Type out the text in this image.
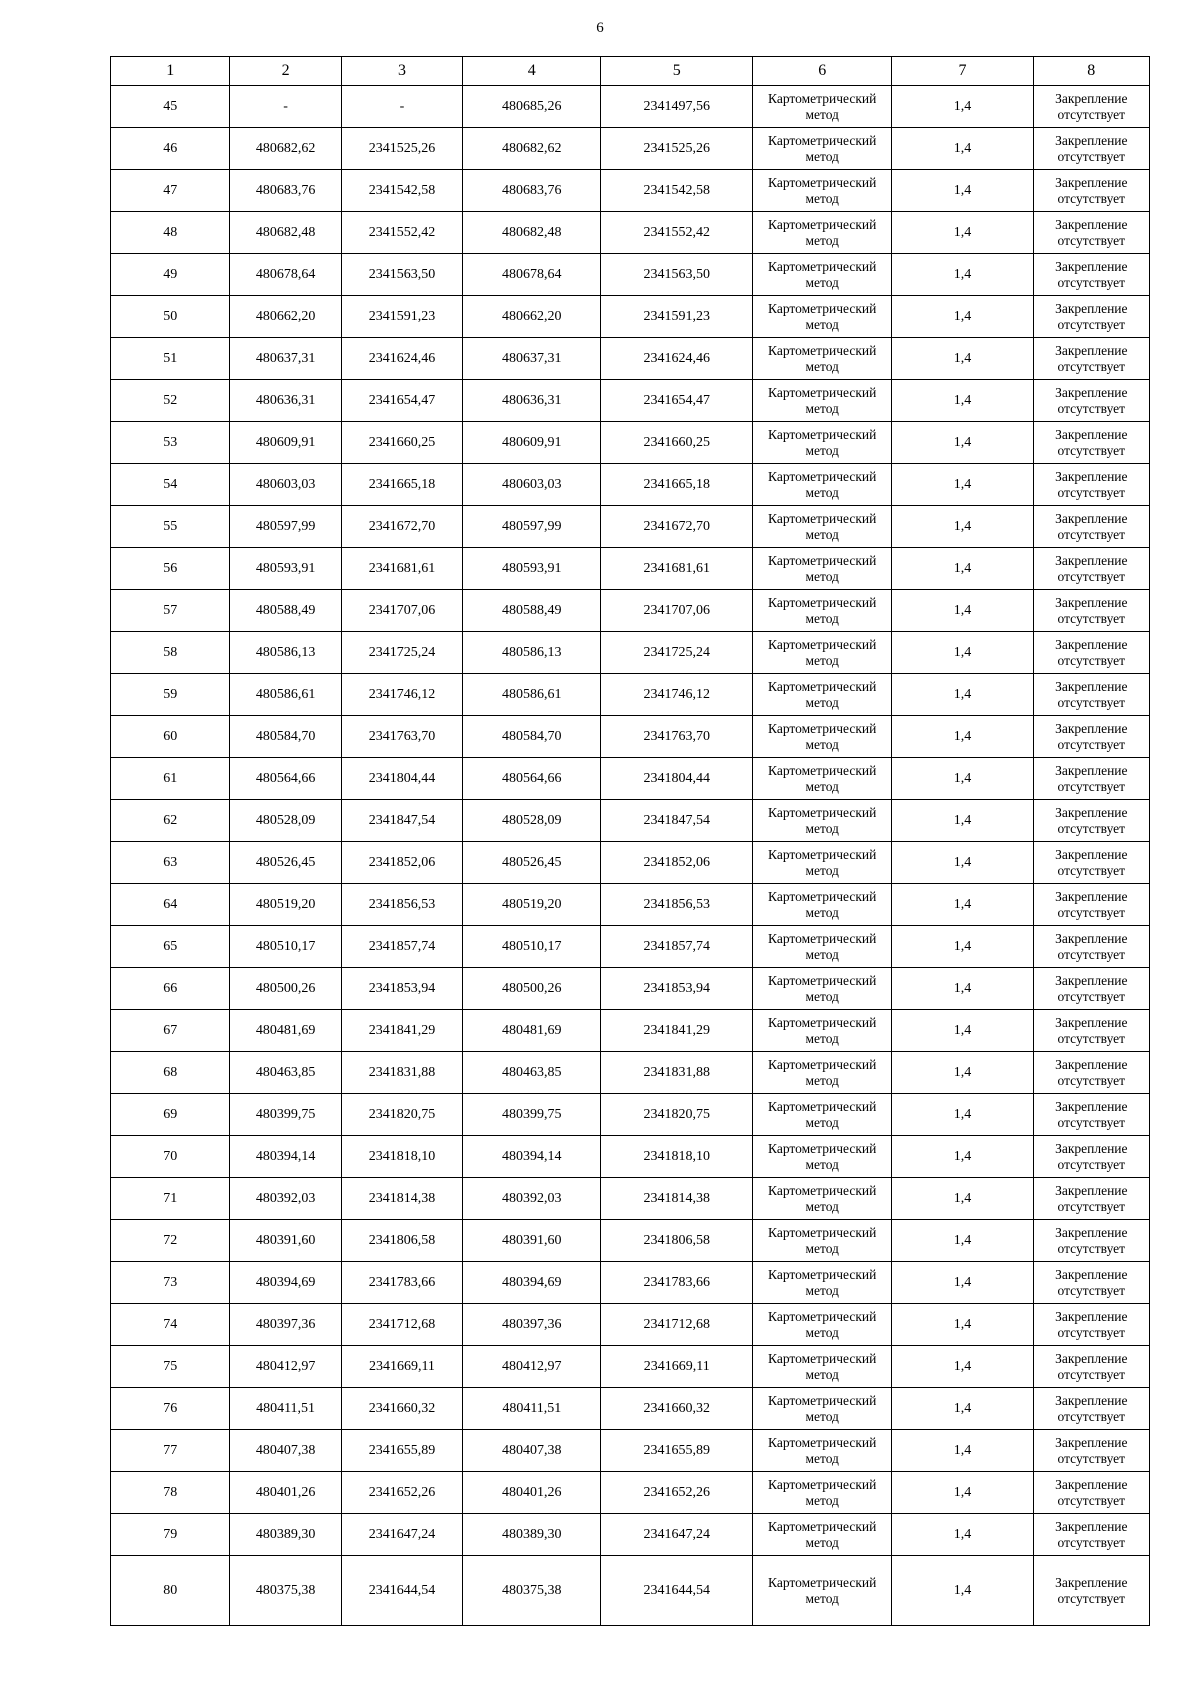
6
1	2	3	4	5	6	7	8
45	-	-	480685,26	2341497,56	Картометрический метод	1,4	Закрепление отсутствует
46	480682,62	2341525,26	480682,62	2341525,26	Картометрический метод	1,4	Закрепление отсутствует
47	480683,76	2341542,58	480683,76	2341542,58	Картометрический метод	1,4	Закрепление отсутствует
48	480682,48	2341552,42	480682,48	2341552,42	Картометрический метод	1,4	Закрепление отсутствует
49	480678,64	2341563,50	480678,64	2341563,50	Картометрический метод	1,4	Закрепление отсутствует
50	480662,20	2341591,23	480662,20	2341591,23	Картометрический метод	1,4	Закрепление отсутствует
51	480637,31	2341624,46	480637,31	2341624,46	Картометрический метод	1,4	Закрепление отсутствует
52	480636,31	2341654,47	480636,31	2341654,47	Картометрический метод	1,4	Закрепление отсутствует
53	480609,91	2341660,25	480609,91	2341660,25	Картометрический метод	1,4	Закрепление отсутствует
54	480603,03	2341665,18	480603,03	2341665,18	Картометрический метод	1,4	Закрепление отсутствует
55	480597,99	2341672,70	480597,99	2341672,70	Картометрический метод	1,4	Закрепление отсутствует
56	480593,91	2341681,61	480593,91	2341681,61	Картометрический метод	1,4	Закрепление отсутствует
57	480588,49	2341707,06	480588,49	2341707,06	Картометрический метод	1,4	Закрепление отсутствует
58	480586,13	2341725,24	480586,13	2341725,24	Картометрический метод	1,4	Закрепление отсутствует
59	480586,61	2341746,12	480586,61	2341746,12	Картометрический метод	1,4	Закрепление отсутствует
60	480584,70	2341763,70	480584,70	2341763,70	Картометрический метод	1,4	Закрепление отсутствует
61	480564,66	2341804,44	480564,66	2341804,44	Картометрический метод	1,4	Закрепление отсутствует
62	480528,09	2341847,54	480528,09	2341847,54	Картометрический метод	1,4	Закрепление отсутствует
63	480526,45	2341852,06	480526,45	2341852,06	Картометрический метод	1,4	Закрепление отсутствует
64	480519,20	2341856,53	480519,20	2341856,53	Картометрический метод	1,4	Закрепление отсутствует
65	480510,17	2341857,74	480510,17	2341857,74	Картометрический метод	1,4	Закрепление отсутствует
66	480500,26	2341853,94	480500,26	2341853,94	Картометрический метод	1,4	Закрепление отсутствует
67	480481,69	2341841,29	480481,69	2341841,29	Картометрический метод	1,4	Закрепление отсутствует
68	480463,85	2341831,88	480463,85	2341831,88	Картометрический метод	1,4	Закрепление отсутствует
69	480399,75	2341820,75	480399,75	2341820,75	Картометрический метод	1,4	Закрепление отсутствует
70	480394,14	2341818,10	480394,14	2341818,10	Картометрический метод	1,4	Закрепление отсутствует
71	480392,03	2341814,38	480392,03	2341814,38	Картометрический метод	1,4	Закрепление отсутствует
72	480391,60	2341806,58	480391,60	2341806,58	Картометрический метод	1,4	Закрепление отсутствует
73	480394,69	2341783,66	480394,69	2341783,66	Картометрический метод	1,4	Закрепление отсутствует
74	480397,36	2341712,68	480397,36	2341712,68	Картометрический метод	1,4	Закрепление отсутствует
75	480412,97	2341669,11	480412,97	2341669,11	Картометрический метод	1,4	Закрепление отсутствует
76	480411,51	2341660,32	480411,51	2341660,32	Картометрический метод	1,4	Закрепление отсутствует
77	480407,38	2341655,89	480407,38	2341655,89	Картометрический метод	1,4	Закрепление отсутствует
78	480401,26	2341652,26	480401,26	2341652,26	Картометрический метод	1,4	Закрепление отсутствует
79	480389,30	2341647,24	480389,30	2341647,24	Картометрический метод	1,4	Закрепление отсутствует
80	480375,38	2341644,54	480375,38	2341644,54	Картометрический метод	1,4	Закрепление отсутствует
